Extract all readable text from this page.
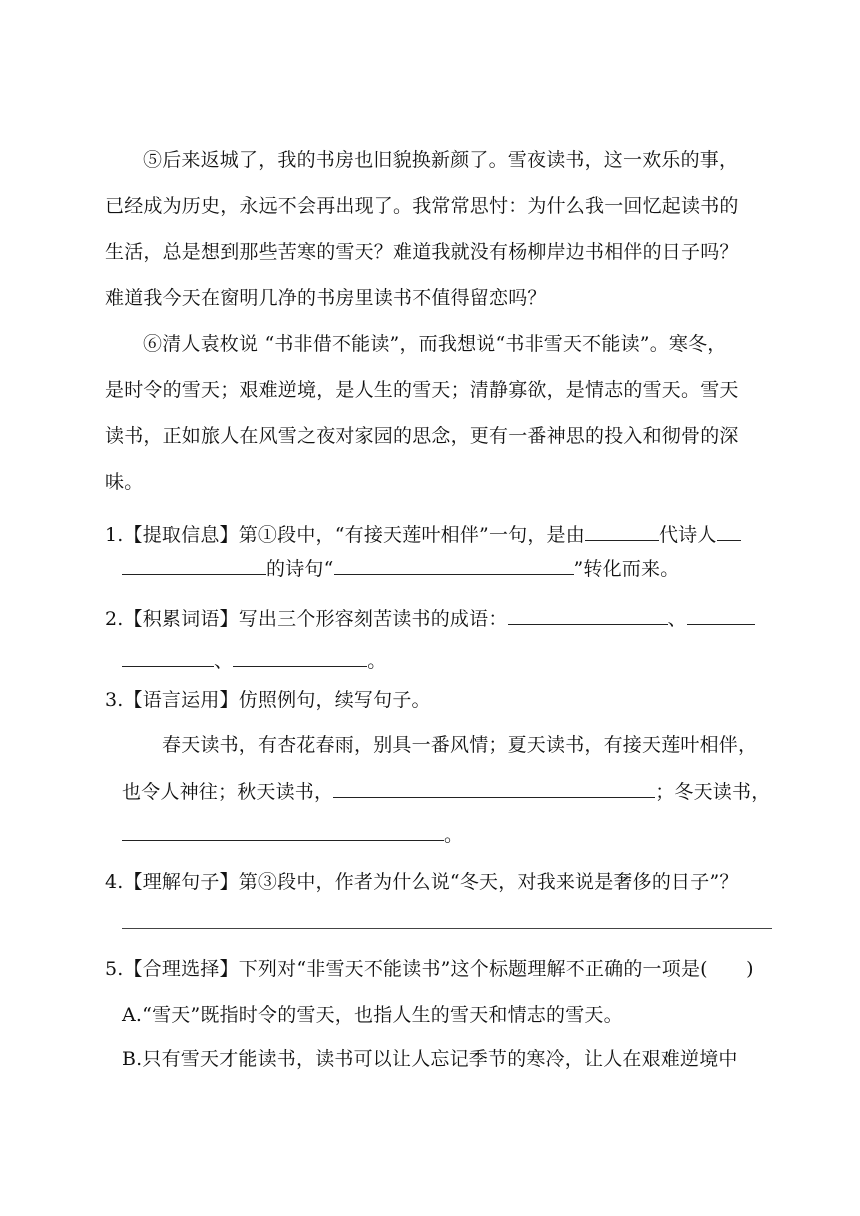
⑤后来返城了，我的书房也旧貌换新颜了。雪夜读书，这一欢乐的事，
已经成为历史，永远不会再出现了。我常常思忖：为什么我一回忆起读书的
生活，总是想到那些苦寒的雪天？难道我就没有杨柳岸边书相伴的日子吗？
难道我今天在窗明几净的书房里读书不值得留恋吗？
⑥清人袁枚说 “书非借不能读”，而我想说“书非雪天不能读”。寒冬，
是时令的雪天；艰难逆境，是人生的雪天；清静寡欲，是情志的雪天。雪天
读书，正如旅人在风雪之夜对家园的思念，更有一番神思的投入和彻骨的深
味。
1.【提取信息】第①段中，“有接天莲叶相伴”一句，是由	代诗人
的诗句“	”转化而来。
2.【积累词语】写出三个形容刻苦读书的成语：	、
、	。
3.【语言运用】仿照例句，续写句子。
春天读书，有杏花春雨，别具一番风情；夏天读书，有接天莲叶相伴，
也令人神往；秋天读书，	；冬天读书，
。
4.【理解句子】第③段中，作者为什么说“冬天，对我来说是奢侈的日子”？
5.【合理选择】下列对“非雪天不能读书”这个标题理解不正确的一项是(　　)
A.“雪天”既指时令的雪天，也指人生的雪天和情志的雪天。
B.只有雪天才能读书，读书可以让人忘记季节的寒冷，让人在艰难逆境中
